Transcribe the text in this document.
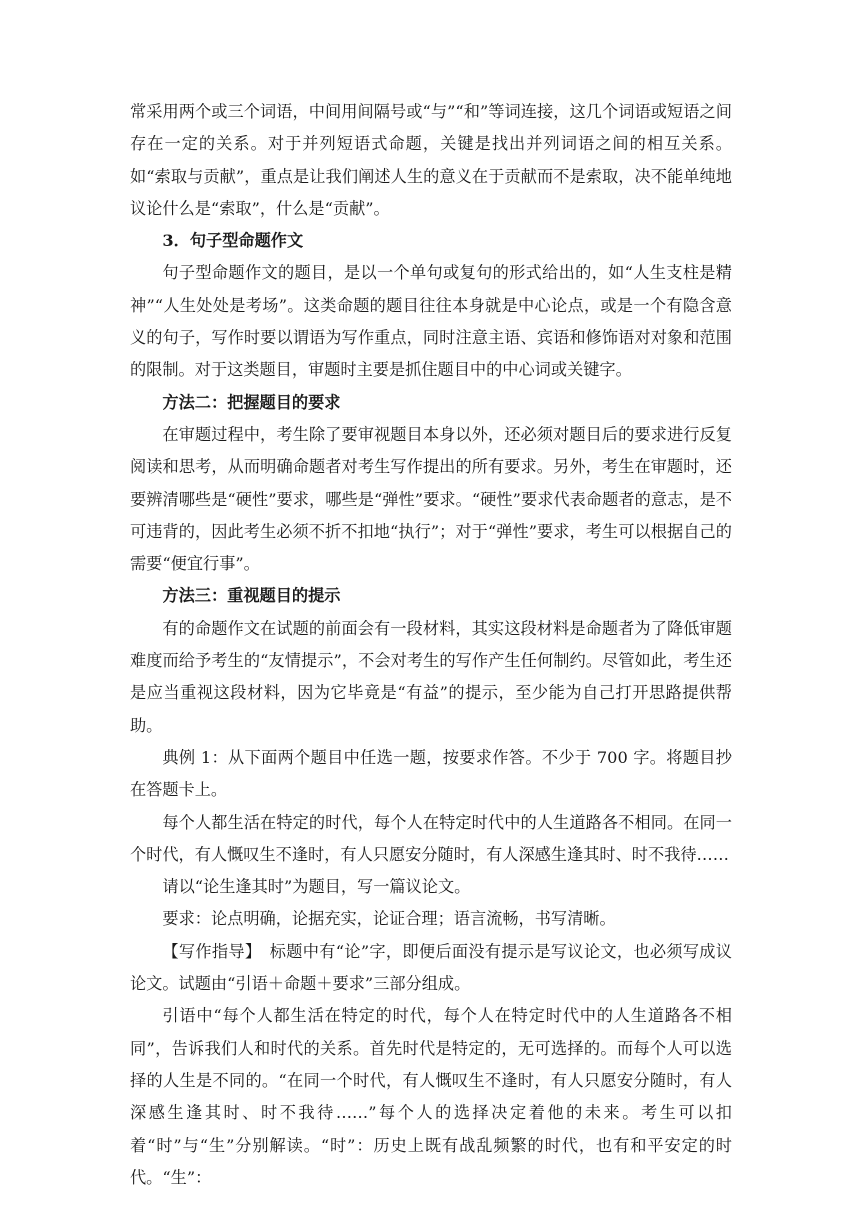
常采用两个或三个词语，中间用间隔号或“与”“和”等词连接，这几个词语或短语之间存在一定的关系。对于并列短语式命题，关键是找出并列词语之间的相互关系。如“索取与贡献”，重点是让我们阐述人生的意义在于贡献而不是索取，决不能单纯地议论什么是“索取”，什么是“贡献”。

3．句子型命题作文

句子型命题作文的题目，是以一个单句或复句的形式给出的，如“人生支柱是精神”“人生处处是考场”。这类命题的题目往往本身就是中心论点，或是一个有隐含意义的句子，写作时要以谓语为写作重点，同时注意主语、宾语和修饰语对对象和范围的限制。对于这类题目，审题时主要是抓住题目中的中心词或关键字。

方法二：把握题目的要求

在审题过程中，考生除了要审视题目本身以外，还必须对题目后的要求进行反复阅读和思考，从而明确命题者对考生写作提出的所有要求。另外，考生在审题时，还要辨清哪些是“硬性”要求，哪些是“弹性”要求。“硬性”要求代表命题者的意志，是不可违背的，因此考生必须不折不扣地“执行”；对于“弹性”要求，考生可以根据自己的需要“便宜行事”。

方法三：重视题目的提示

有的命题作文在试题的前面会有一段材料，其实这段材料是命题者为了降低审题难度而给予考生的“友情提示”，不会对考生的写作产生任何制约。尽管如此，考生还是应当重视这段材料，因为它毕竟是“有益”的提示，至少能为自己打开思路提供帮助。

典例 1：从下面两个题目中任选一题，按要求作答。不少于 700 字。将题目抄在答题卡上。

每个人都生活在特定的时代，每个人在特定时代中的人生道路各不相同。在同一个时代，有人慨叹生不逢时，有人只愿安分随时，有人深感生逢其时、时不我待……

请以“论生逢其时”为题目，写一篇议论文。

要求：论点明确，论据充实，论证合理；语言流畅，书写清晰。

【写作指导】　标题中有“论”字，即便后面没有提示是写议论文，也必须写成议论文。试题由“引语＋命题＋要求”三部分组成。

引语中“每个人都生活在特定的时代，每个人在特定时代中的人生道路各不相同”，告诉我们人和时代的关系。首先时代是特定的，无可选择的。而每个人可以选择的人生是不同的。“在同一个时代，有人慨叹生不逢时，有人只愿安分随时，有人深感生逢其时、时不我待……”每个人的选择决定着他的未来。考生可以扣着“时”与“生”分别解读。“时”：历史上既有战乱频繁的时代，也有和平安定的时代。“生”：
